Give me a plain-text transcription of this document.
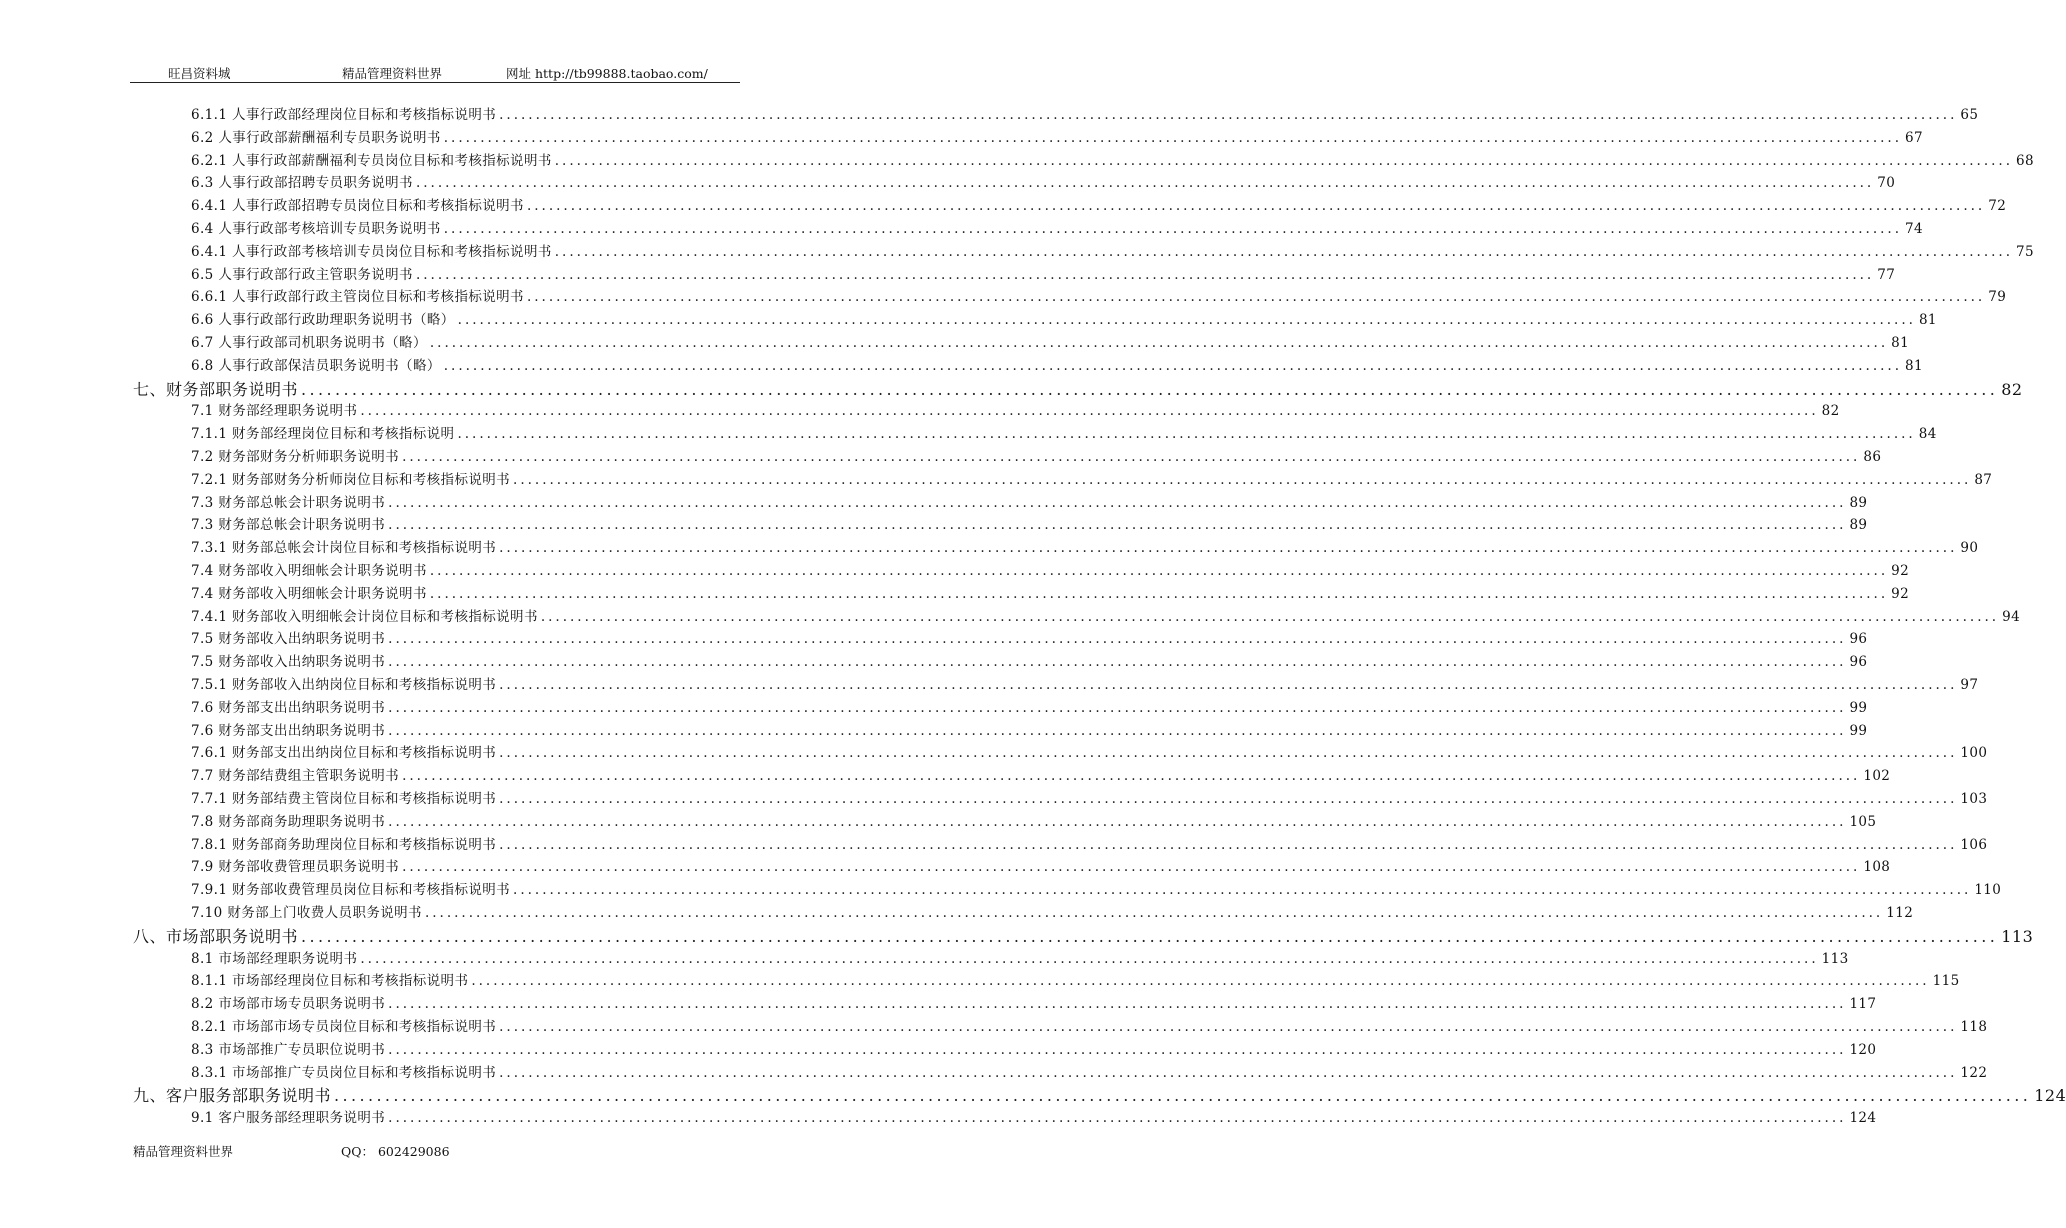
旺昌资料城	精品管理资料世界	网址 http://tb99888.taobao.com/
6.1.1 人事行政部经理岗位目标和考核指标说明书 ........................................................................................................................................................................................................ 65
6.2 人事行政部薪酬福利专员职务说明书 ........................................................................................................................................................................................................ 67
6.2.1 人事行政部薪酬福利专员岗位目标和考核指标说明书 ........................................................................................................................................................................................................ 68
6.3 人事行政部招聘专员职务说明书 ........................................................................................................................................................................................................ 70
6.4.1 人事行政部招聘专员岗位目标和考核指标说明书 ........................................................................................................................................................................................................ 72
6.4 人事行政部考核培训专员职务说明书 ........................................................................................................................................................................................................ 74
6.4.1 人事行政部考核培训专员岗位目标和考核指标说明书 ........................................................................................................................................................................................................ 75
6.5 人事行政部行政主管职务说明书 ........................................................................................................................................................................................................ 77
6.6.1 人事行政部行政主管岗位目标和考核指标说明书 ........................................................................................................................................................................................................ 79
6.6 人事行政部行政助理职务说明书（略） ........................................................................................................................................................................................................ 81
6.7 人事行政部司机职务说明书（略） ........................................................................................................................................................................................................ 81
6.8 人事行政部保洁员职务说明书（略） ........................................................................................................................................................................................................ 81
七、财务部职务说明书 ........................................................................................................................................................................................................ 82
7.1 财务部经理职务说明书 ........................................................................................................................................................................................................ 82
7.1.1 财务部经理岗位目标和考核指标说明 ........................................................................................................................................................................................................ 84
7.2 财务部财务分析师职务说明书 ........................................................................................................................................................................................................ 86
7.2.1 财务部财务分析师岗位目标和考核指标说明书 ........................................................................................................................................................................................................ 87
7.3 财务部总帐会计职务说明书 ........................................................................................................................................................................................................ 89
7.3 财务部总帐会计职务说明书 ........................................................................................................................................................................................................ 89
7.3.1 财务部总帐会计岗位目标和考核指标说明书 ........................................................................................................................................................................................................ 90
7.4 财务部收入明细帐会计职务说明书 ........................................................................................................................................................................................................ 92
7.4 财务部收入明细帐会计职务说明书 ........................................................................................................................................................................................................ 92
7.4.1 财务部收入明细帐会计岗位目标和考核指标说明书 ........................................................................................................................................................................................................ 94
7.5 财务部收入出纳职务说明书 ........................................................................................................................................................................................................ 96
7.5 财务部收入出纳职务说明书 ........................................................................................................................................................................................................ 96
7.5.1 财务部收入出纳岗位目标和考核指标说明书 ........................................................................................................................................................................................................ 97
7.6 财务部支出出纳职务说明书 ........................................................................................................................................................................................................ 99
7.6 财务部支出出纳职务说明书 ........................................................................................................................................................................................................ 99
7.6.1 财务部支出出纳岗位目标和考核指标说明书 ........................................................................................................................................................................................................ 100
7.7 财务部结费组主管职务说明书 ........................................................................................................................................................................................................ 102
7.7.1 财务部结费主管岗位目标和考核指标说明书 ........................................................................................................................................................................................................ 103
7.8 财务部商务助理职务说明书 ........................................................................................................................................................................................................ 105
7.8.1 财务部商务助理岗位目标和考核指标说明书 ........................................................................................................................................................................................................ 106
7.9 财务部收费管理员职务说明书 ........................................................................................................................................................................................................ 108
7.9.1 财务部收费管理员岗位目标和考核指标说明书 ........................................................................................................................................................................................................ 110
7.10 财务部上门收费人员职务说明书 ........................................................................................................................................................................................................ 112
八、市场部职务说明书 ........................................................................................................................................................................................................ 113
8.1 市场部经理职务说明书 ........................................................................................................................................................................................................ 113
8.1.1 市场部经理岗位目标和考核指标说明书 ........................................................................................................................................................................................................ 115
8.2 市场部市场专员职务说明书 ........................................................................................................................................................................................................ 117
8.2.1 市场部市场专员岗位目标和考核指标说明书 ........................................................................................................................................................................................................ 118
8.3 市场部推广专员职位说明书 ........................................................................................................................................................................................................ 120
8.3.1 市场部推广专员岗位目标和考核指标说明书 ........................................................................................................................................................................................................ 122
九、客户服务部职务说明书 ........................................................................................................................................................................................................ 124
9.1 客户服务部经理职务说明书 ........................................................................................................................................................................................................ 124
精品管理资料世界	QQ： 602429086
